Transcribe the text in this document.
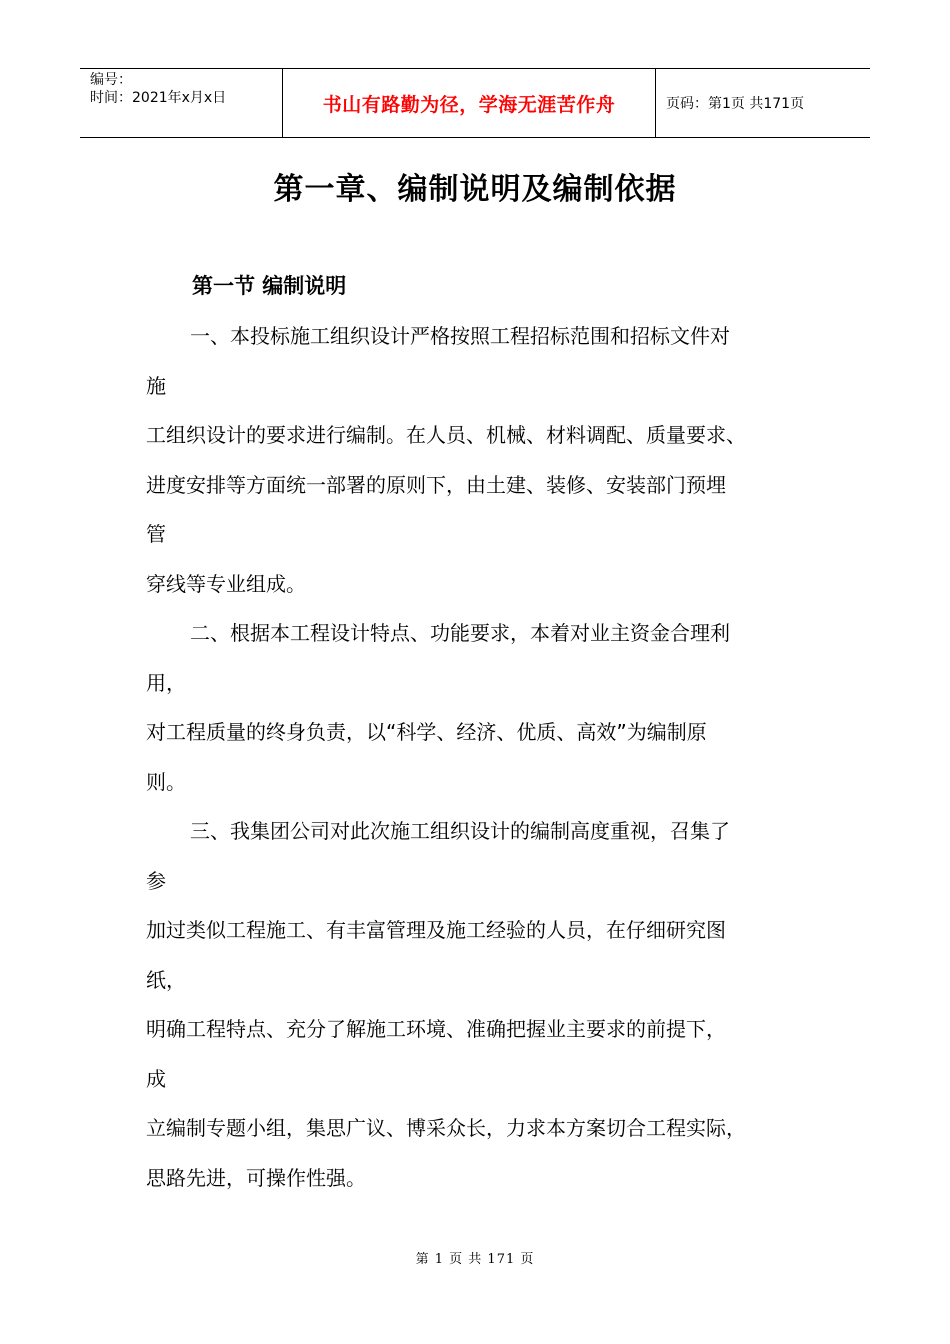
编号：
时间：2021年x月x日	书山有路勤为径，学海无涯苦作舟	页码：第1页 共171页
第一章、编制说明及编制依据
第一节 编制说明
一、本投标施工组织设计严格按照工程招标范围和招标文件对
施
工组织设计的要求进行编制。在人员、机械、材料调配、质量要求、
进度安排等方面统一部署的原则下，由土建、装修、安装部门预埋
管
穿线等专业组成。
二、根据本工程设计特点、功能要求，本着对业主资金合理利
用，
对工程质量的终身负责，以“科学、经济、优质、高效”为编制原
则。
三、我集团公司对此次施工组织设计的编制高度重视，召集了
参
加过类似工程施工、有丰富管理及施工经验的人员，在仔细研究图
纸，
明确工程特点、充分了解施工环境、准确把握业主要求的前提下，
成
立编制专题小组，集思广议、博采众长，力求本方案切合工程实际，
思路先进，可操作性强。
第 1 页 共 171 页
